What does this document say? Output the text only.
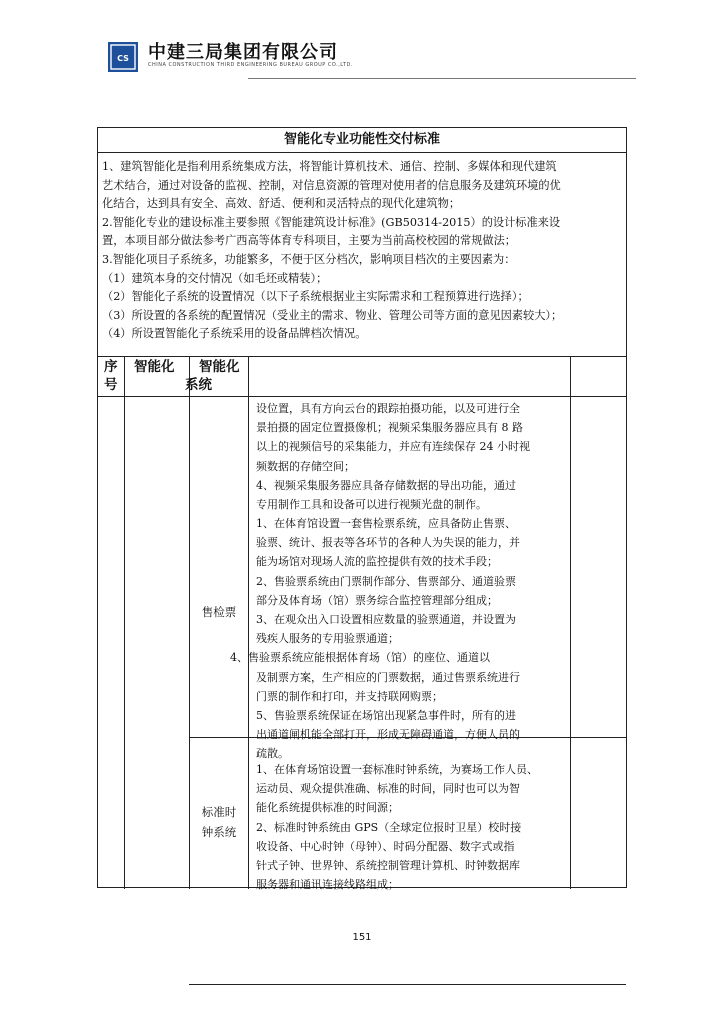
CS 中建三局集团有限公司
CHINA CONSTRUCTION THIRD ENGINEERING BUREAU GROUP CO.,LTD.
智能化专业功能性交付标准

1、建筑智能化是指利用系统集成方法，将智能计算机技术、通信、控制、多媒体和现代建筑

艺术结合，通过对设备的监视、控制，对信息资源的管理对使用者的信息服务及建筑环境的优

化结合，达到具有安全、高效、舒适、便利和灵活特点的现代化建筑物；

2.智能化专业的建设标准主要参照《智能建筑设计标准》(GB50314-2015）的设计标准来设

置，本项目部分做法参考广西高等体育专科项目，主要为当前高校校园的常规做法；

3.智能化项目子系统多，功能繁多，不便于区分档次，影响项目档次的主要因素为：

（1）建筑本身的交付情况（如毛坯或精装）；

（2）智能化子系统的设置情况（以下子系统根据业主实际需求和工程预算进行选择）；

（3）所设置的各系统的配置情况（受业主的需求、物业、管理公司等方面的意见因素较大）；

（4）所设置智能化子系统采用的设备品牌档次情况。

序
号
智能化 智能化
系统

设位置，具有方向云台的跟踪拍摄功能，以及可进行全

景拍摄的固定位置摄像机；视频采集服务器应具有 8 路

以上的视频信号的采集能力，并应有连续保存 24 小时视

频数据的存储空间；

4、视频采集服务器应具备存储数据的导出功能，通过

专用制作工具和设备可以进行视频光盘的制作。

售检票

1、在体育馆设置一套售检票系统，应具备防止售票、

验票、统计、报表等各环节的各种人为失误的能力，并

能为场馆对现场人流的监控提供有效的技术手段；

2、售验票系统由门票制作部分、售票部分、通道验票

部分及体育场（馆）票务综合监控管理部分组成；

3、在观众出入口设置相应数量的验票通道，并设置为

残疾人服务的专用验票通道；

4、售验票系统应能根据体育场（馆）的座位、通道以

及制票方案，生产相应的门票数据，通过售票系统进行

门票的制作和打印，并支持联网购票；

5、售验票系统保证在场馆出现紧急事件时，所有的进

出通道闸机能全部打开，形成无障碍通道，方便人员的

疏散。

标准时
钟系统

1、在体育场馆设置一套标准时钟系统，为赛场工作人员、

运动员、观众提供准确、标准的时间，同时也可以为智

能化系统提供标准的时间源；

2、标准时钟系统由 GPS（全球定位报时卫星）校时接

收设备、中心时钟（母钟）、时码分配器、数字式或指

针式子钟、世界钟、系统控制管理计算机、时钟数据库

服务器和通讯连接线路组成；

151
